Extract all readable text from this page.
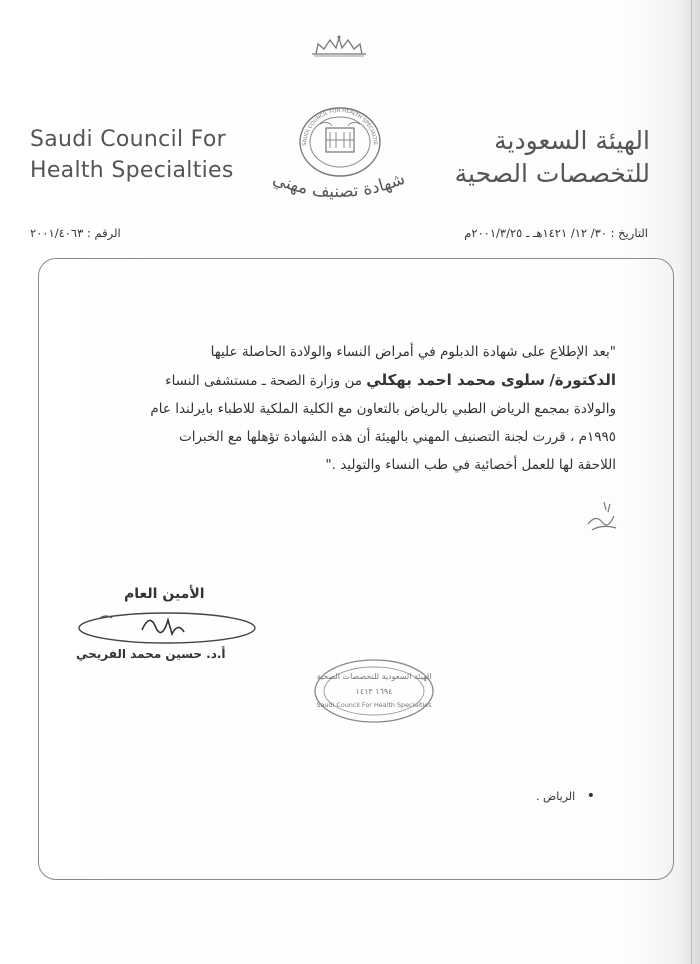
Saudi Council For Health Specialties
الهيئة السعودية
للتخصصات الصحية
SAUDI COUNCIL FOR HEALTH SPECIALTIE
شهادة تصنيف مهني
التاريخ : ٣٠/ ١٢/ ١٤٢١هـ ـ ٢٠٠١/٣/٢٥م
الرقم : ٢٠٠١/٤٠٦٣
"بعد الإطلاع على شهادة الدبلوم في أمراض النساء والولادة الحاصلة عليها
الدكتورة/ سلوى محمد احمد بهكلي من وزارة الصحة ـ مستشفى النساء
والولادة بمجمع الرياض الطبي بالرياض بالتعاون مع الكلية الملكية للاطباء بايرلندا عام
١٩٩٥م ، قررت لجنة التصنيف المهني بالهيئة أن هذه الشهادة تؤهلها مع الخبرات
اللاحقة لها للعمل أخصائية في طب النساء والتوليد ."
الأمين العام
أ.د. حسين محمد الفريحي
الهيئة السعودية للتخصصات الصحية
١٦٩٤ ١٤١٣
Saudi Council For Health Specialties
• الرياض .
